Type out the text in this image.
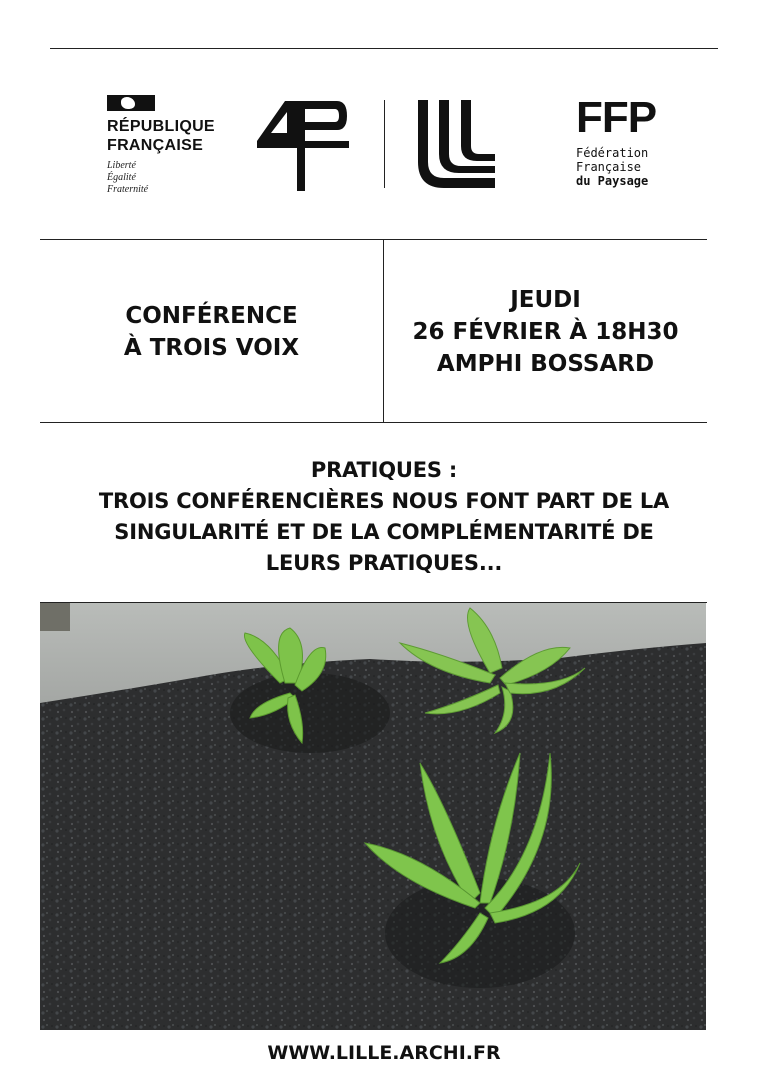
RÉPUBLIQUE
FRANÇAISE
Liberté
Égalité
Fraternité
FFP
Fédération
Française
du Paysage
CONFÉRENCE
À TROIS VOIX
JEUDI
26 FÉVRIER À 18H30
AMPHI BOSSARD
PRATIQUES :
TROIS CONFÉRENCIÈRES NOUS FONT PART DE LA
SINGULARITÉ ET DE LA COMPLÉMENTARITÉ DE
LEURS PRATIQUES...
WWW.LILLE.ARCHI.FR
